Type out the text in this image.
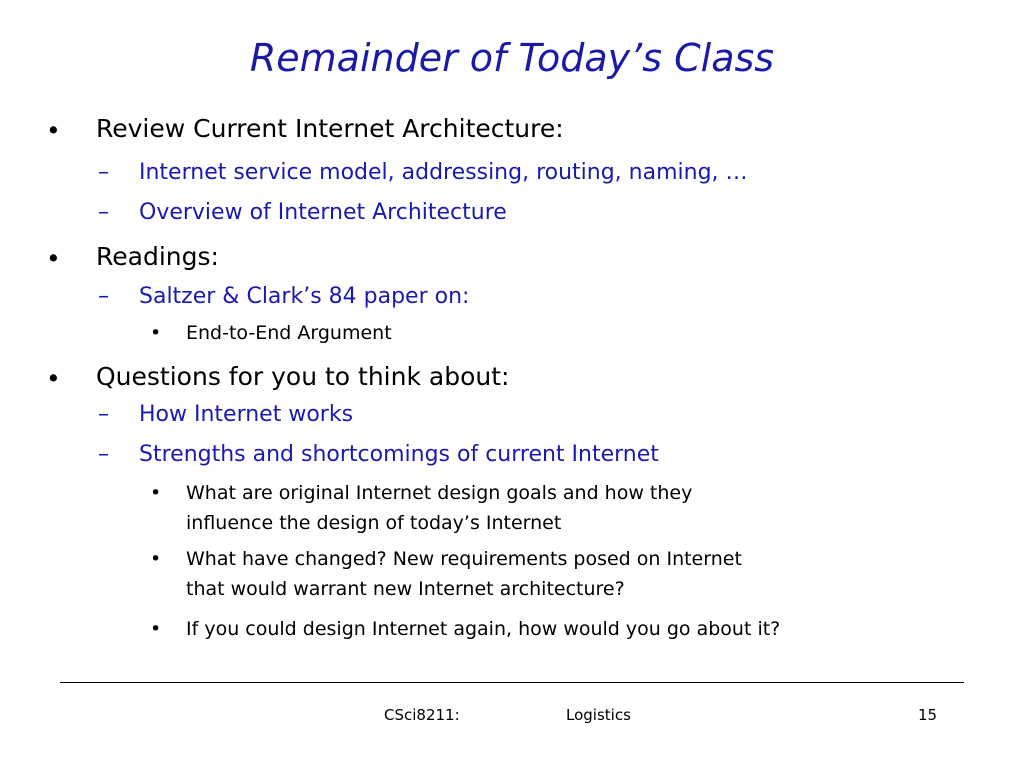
Remainder of Today’s Class
• Review Current Internet Architecture:
– Internet service model, addressing, routing, naming, …
– Overview of Internet Architecture
• Readings:
– Saltzer & Clark’s 84 paper on:
• End-to-End Argument
• Questions for you to think about:
– How Internet works
– Strengths and shortcomings of current Internet
• What are original Internet design goals and how they
influence the design of today’s Internet
• What have changed? New requirements posed on Internet
that would warrant new Internet architecture?
• If you could design Internet again, how would you go about it?
CSci8211:	Logistics	15
